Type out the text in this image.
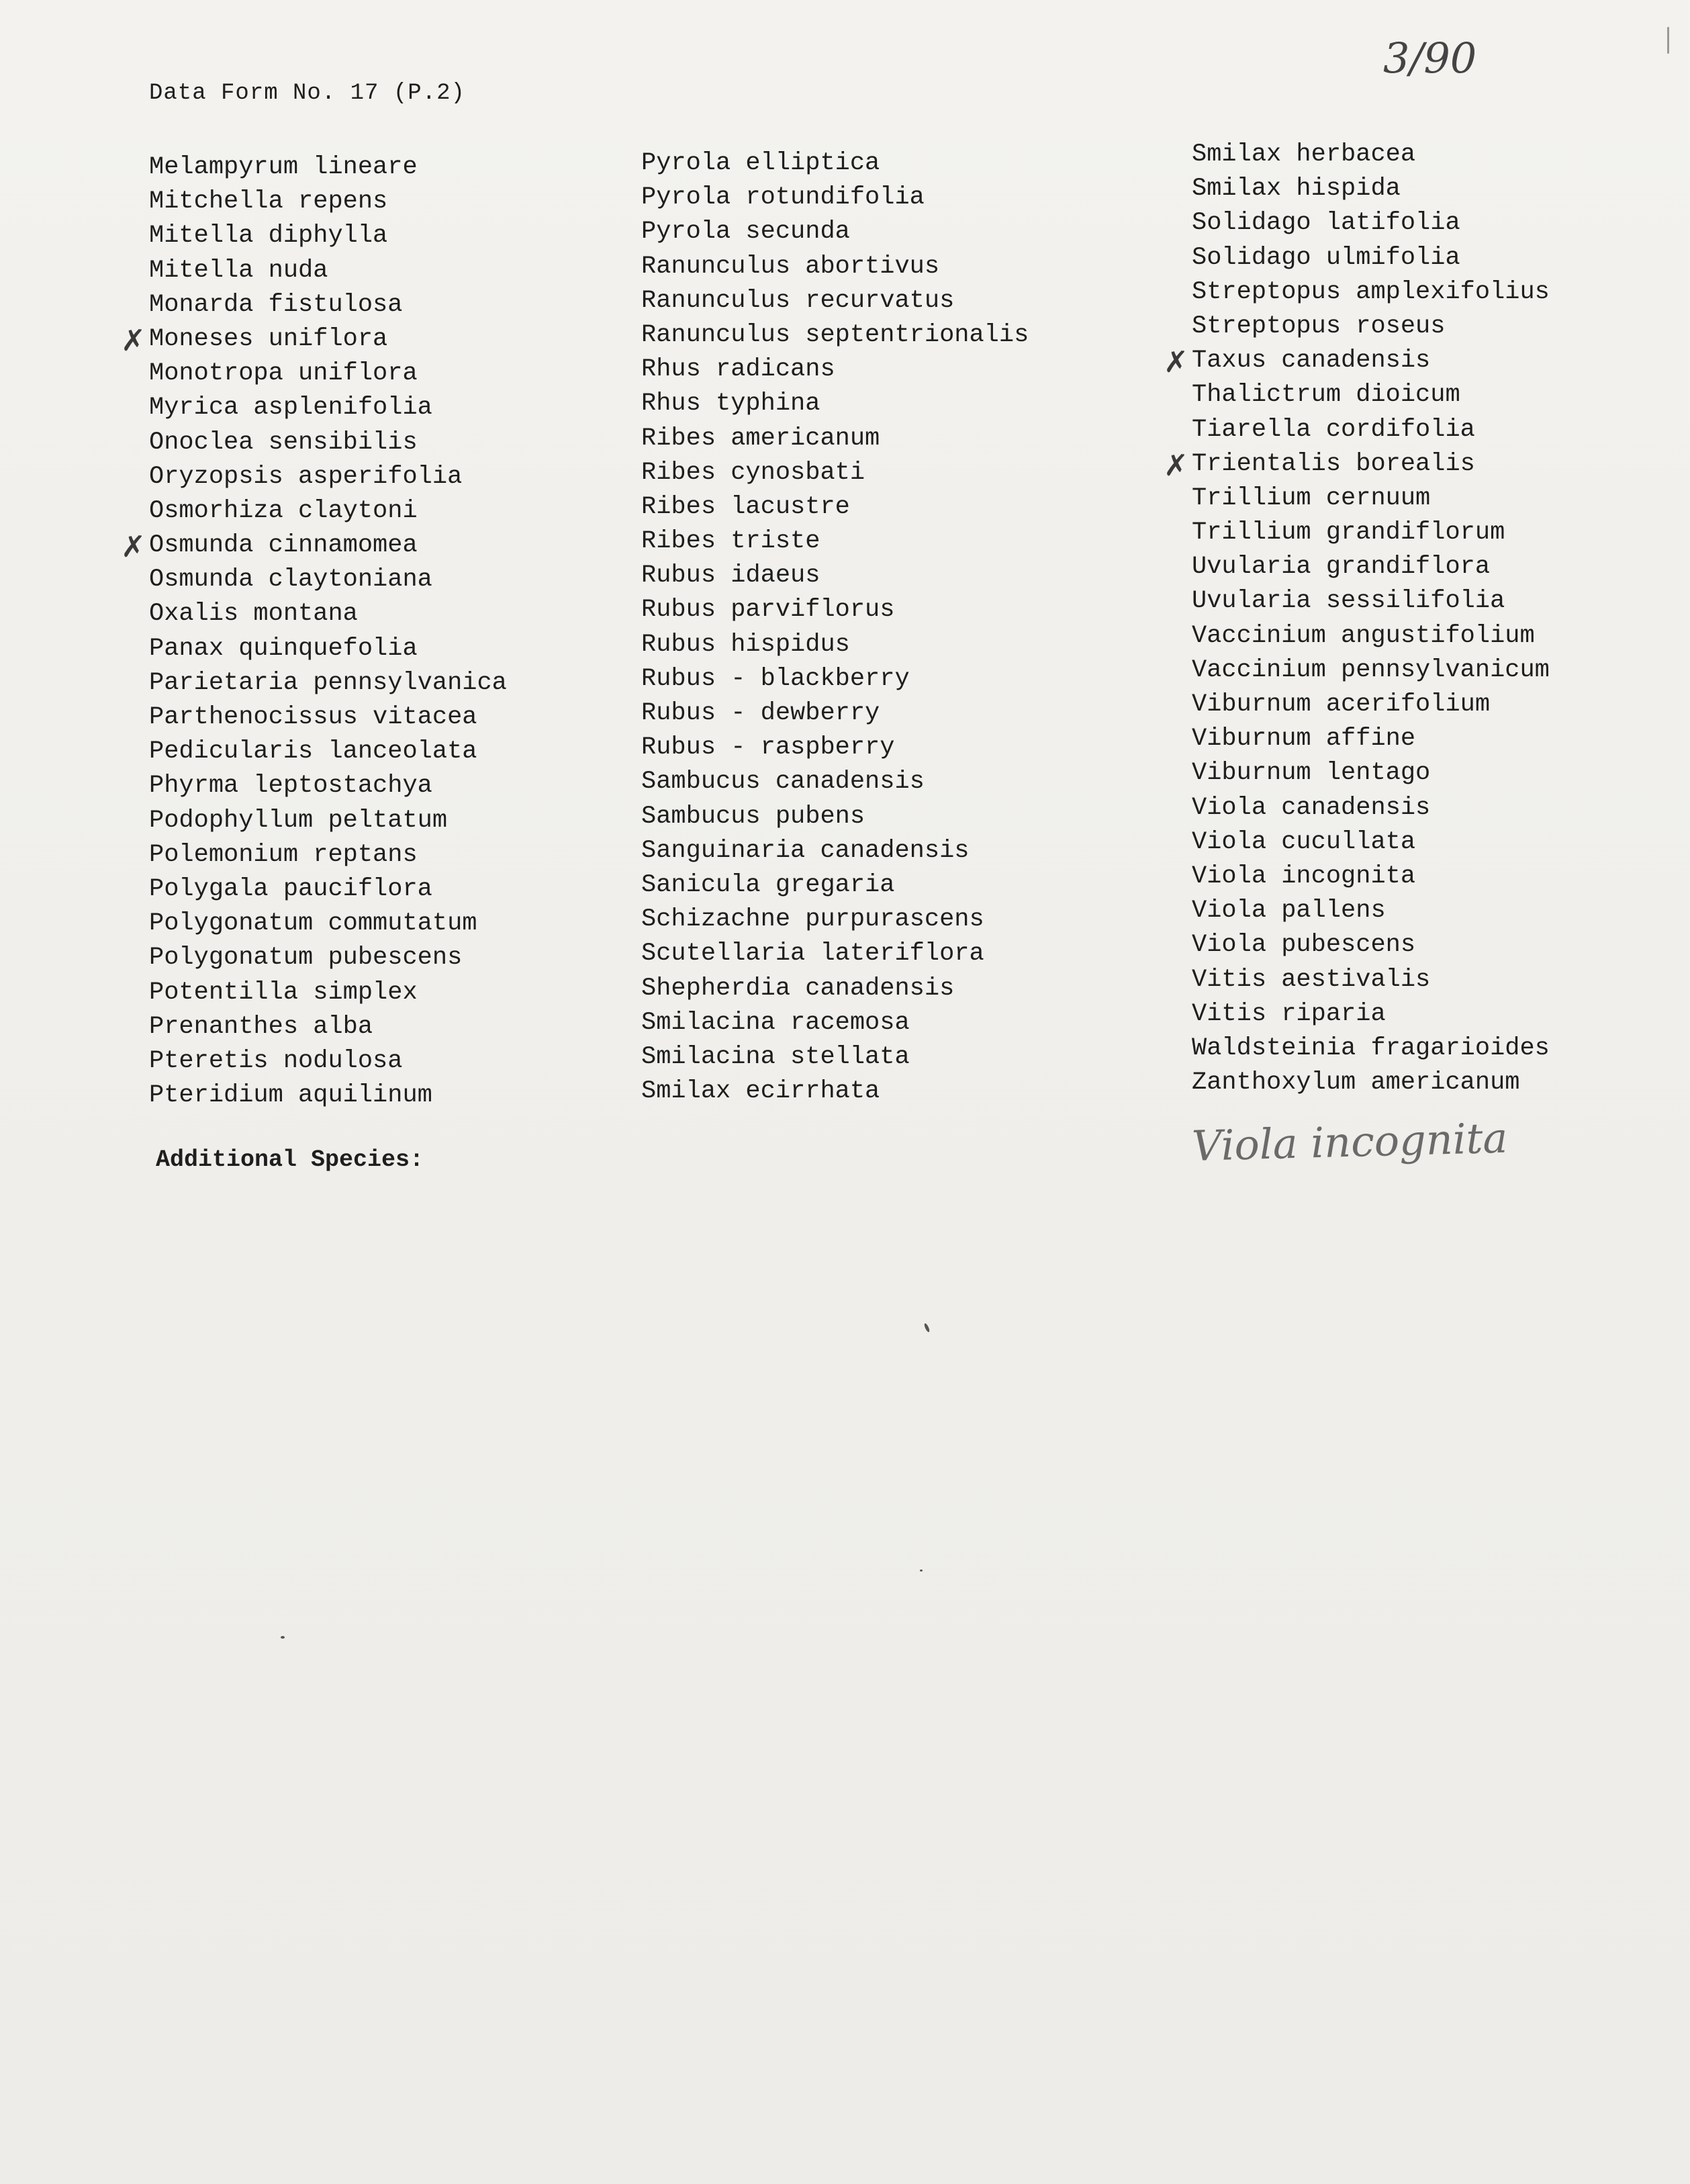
Data Form No. 17 (P.2)
3/90
Melampyrum lineare
Mitchella repens
Mitella diphylla
Mitella nuda
Monarda fistulosa
✗ Moneses uniflora
Monotropa uniflora
Myrica asplenifolia
Onoclea sensibilis
Oryzopsis asperifolia
Osmorhiza claytoni
✗ Osmunda cinnamomea
Osmunda claytoniana
Oxalis montana
Panax quinquefolia
Parietaria pennsylvanica
Parthenocissus vitacea
Pedicularis lanceolata
Phyrma leptostachya
Podophyllum peltatum
Polemonium reptans
Polygala pauciflora
Polygonatum commutatum
Polygonatum pubescens
Potentilla simplex
Prenanthes alba
Pteretis nodulosa
Pteridium aquilinum
Pyrola elliptica
Pyrola rotundifolia
Pyrola secunda
Ranunculus abortivus
Ranunculus recurvatus
Ranunculus septentrionalis
Rhus radicans
Rhus typhina
Ribes americanum
Ribes cynosbati
Ribes lacustre
Ribes triste
Rubus idaeus
Rubus parviflorus
Rubus hispidus
Rubus - blackberry
Rubus - dewberry
Rubus - raspberry
Sambucus canadensis
Sambucus pubens
Sanguinaria canadensis
Sanicula gregaria
Schizachne purpurascens
Scutellaria lateriflora
Shepherdia canadensis
Smilacina racemosa
Smilacina stellata
Smilax ecirrhata
Smilax herbacea
Smilax hispida
Solidago latifolia
Solidago ulmifolia
Streptopus amplexifolius
Streptopus roseus
✗ Taxus canadensis
Thalictrum dioicum
Tiarella cordifolia
✗ Trientalis borealis
Trillium cernuum
Trillium grandiflorum
Uvularia grandiflora
Uvularia sessilifolia
Vaccinium angustifolium
Vaccinium pennsylvanicum
Viburnum acerifolium
Viburnum affine
Viburnum lentago
Viola canadensis
Viola cucullata
Viola incognita
Viola pallens
Viola pubescens
Vitis aestivalis
Vitis riparia
Waldsteinia fragarioides
Zanthoxylum americanum
Additional Species:	Viola incognita
